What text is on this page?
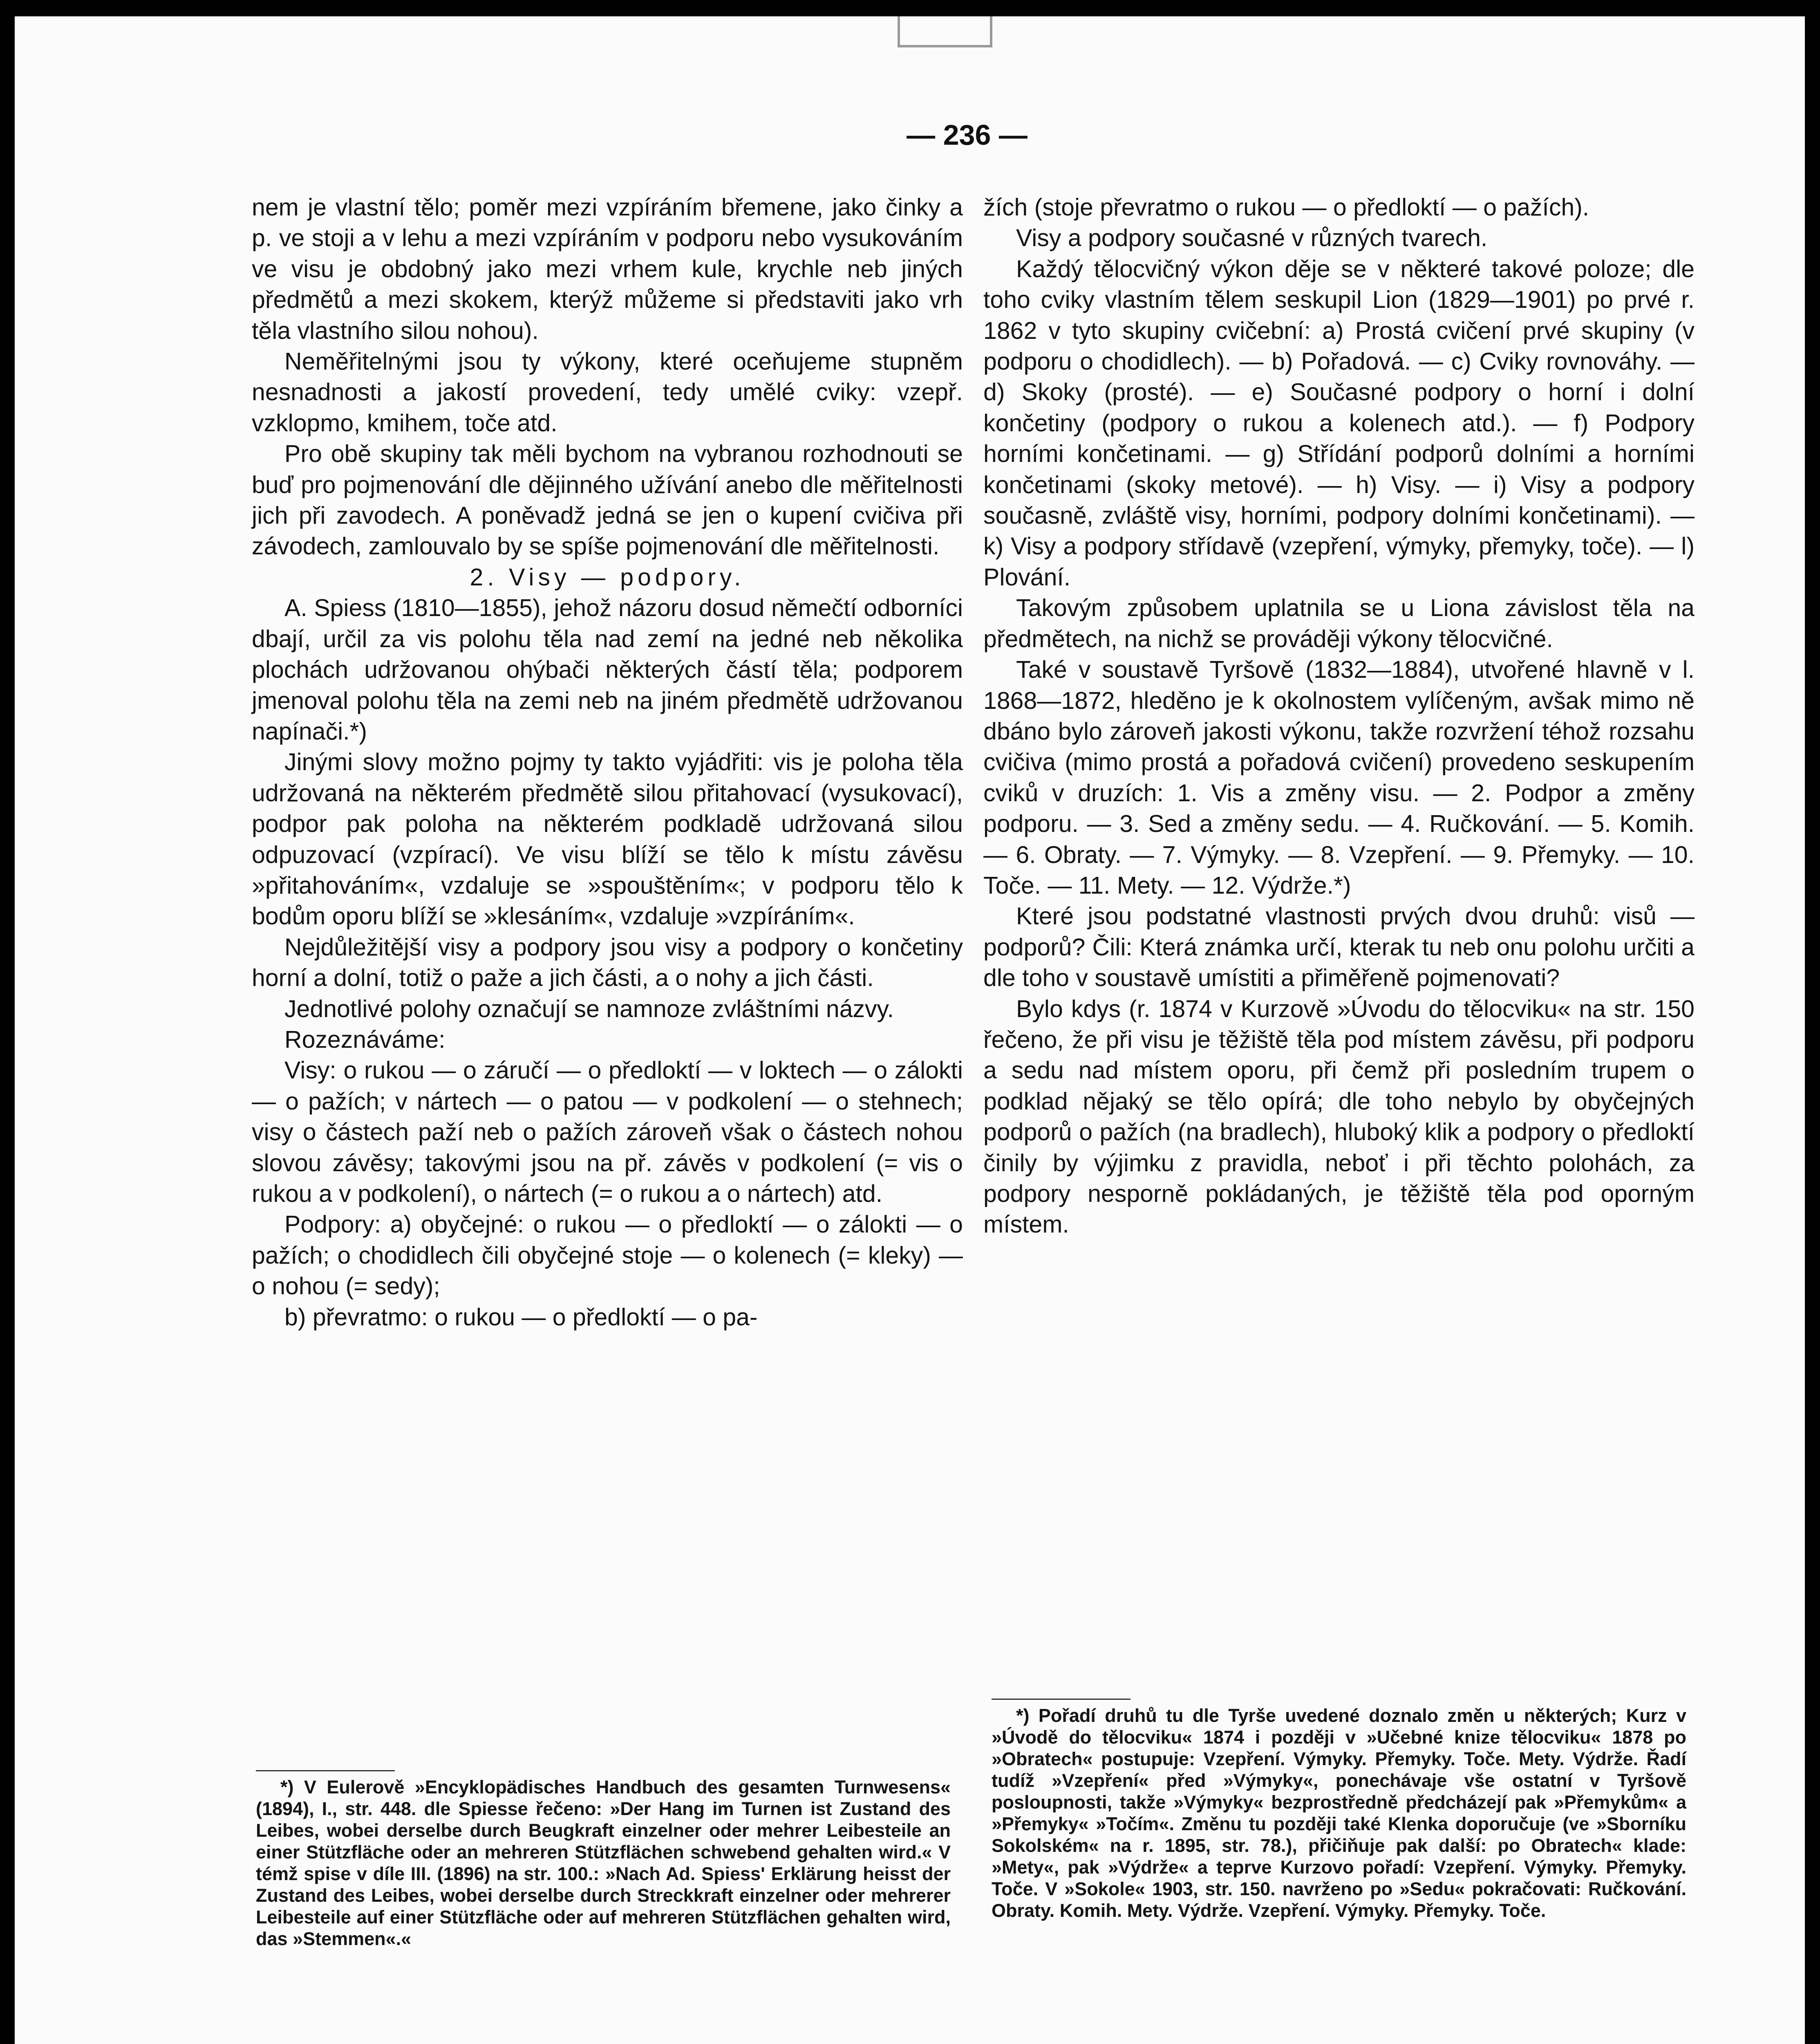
— 236 —

nem je vlastní tělo; poměr mezi vzpíráním břemene, jako činky a p. ve stoji a v lehu a mezi vzpíráním v podporu nebo vysukováním ve visu je obdobný jako mezi vrhem kule, krychle neb jiných předmětů a mezi skokem, kterýž můžeme si představiti jako vrh těla vlastního silou nohou).

Neměřitelnými jsou ty výkony, které oceňujeme stupněm nesnadnosti a jakostí provedení, tedy umělé cviky: vzepř. vzklopmo, kmihem, toče atd.

Pro obě skupiny tak měli bychom na vybranou rozhodnouti se buď pro pojmenování dle dějinného užívání anebo dle měřitelnosti jich při zavodech. A poněvadž jedná se jen o kupení cvičiva při závodech, zamlouvalo by se spíše pojmenování dle měřitelnosti.

2. Visy — podpory.

A. Spiess (1810—1855), jehož názoru dosud němečtí odborníci dbají, určil za vis polohu těla nad zemí na jedné neb několika plochách udržovanou ohýbači některých částí těla; podporem jmenoval polohu těla na zemi neb na jiném předmětě udržovanou napínači.*)

Jinými slovy možno pojmy ty takto vyjádřiti: vis je poloha těla udržovaná na některém předmětě silou přitahovací (vysukovací), podpor pak poloha na některém podkladě udržovaná silou odpuzovací (vzpírací). Ve visu blíží se tělo k místu závěsu »přitahováním«, vzdaluje se »spouštěním«; v podporu tělo k bodům oporu blíží se »klesáním«, vzdaluje »vzpíráním«.

Nejdůležitější visy a podpory jsou visy a podpory o končetiny horní a dolní, totiž o paže a jich části, a o nohy a jich části.

Jednotlivé polohy označují se namnoze zvláštními názvy.

Rozeznáváme:

Visy: o rukou — o záručí — o předloktí — v loktech — o zálokti — o pažích; v nártech — o patou — v podkolení — o stehnech; visy o částech paží neb o pažích zároveň však o částech nohou slovou závěsy; takovými jsou na př. závěs v podkolení (= vis o rukou a v podkolení), o nártech (= o rukou a o nártech) atd.

Podpory: a) obyčejné: o rukou — o předloktí — o zálokti — o pažích; o chodidlech čili obyčejné stoje — o kolenech (= kleky) — o nohou (= sedy);

b) převratmo: o rukou — o předloktí — o pa-

žích (stoje převratmo o rukou — o předloktí — o pažích).

Visy a podpory současné v různých tvarech.

Každý tělocvičný výkon děje se v některé takové poloze; dle toho cviky vlastním tělem seskupil Lion (1829—1901) po prvé r. 1862 v tyto skupiny cvičební: a) Prostá cvičení prvé skupiny (v podporu o chodidlech). — b) Pořadová. — c) Cviky rovnováhy. — d) Skoky (prosté). — e) Současné podpory o horní i dolní končetiny (podpory o rukou a kolenech atd.). — f) Podpory horními končetinami. — g) Střídání podporů dolními a horními končetinami (skoky metové). — h) Visy. — i) Visy a podpory současně, zvláště visy, horními, podpory dolními končetinami). — k) Visy a podpory střídavě (vzepření, výmyky, přemyky, toče). — l) Plování.

Takovým způsobem uplatnila se u Liona závislost těla na předmětech, na nichž se prováději výkony tělocvičné.

Také v soustavě Tyršově (1832—1884), utvořené hlavně v l. 1868—1872, hleděno je k okolnostem vylíčeným, avšak mimo ně dbáno bylo zároveň jakosti výkonu, takže rozvržení téhož rozsahu cvičiva (mimo prostá a pořadová cvičení) provedeno seskupením cviků v druzích: 1. Vis a změny visu. — 2. Podpor a změny podporu. — 3. Sed a změny sedu. — 4. Ručkování. — 5. Komih. — 6. Obraty. — 7. Výmyky. — 8. Vzepření. — 9. Přemyky. — 10. Toče. — 11. Mety. — 12. Výdrže.*)

Které jsou podstatné vlastnosti prvých dvou druhů: visů — podporů? Čili: Která známka určí, kterak tu neb onu polohu určiti a dle toho v soustavě umístiti a přiměřeně pojmenovati?

Bylo kdys (r. 1874 v Kurzově »Úvodu do tělocviku« na str. 150 řečeno, že při visu je těžiště těla pod místem závěsu, při podporu a sedu nad místem oporu, při čemž při posledním trupem o podklad nějaký se tělo opírá; dle toho nebylo by obyčejných podporů o pažích (na bradlech), hluboký klik a podpory o předloktí činily by výjimku z pravidla, neboť i při těchto polohách, za podpory nesporně pokládaných, je těžiště těla pod oporným místem.

*) V Eulerově »Encyklopädisches Handbuch des gesamten Turnwesens« (1894), I., str. 448. dle Spiesse řečeno: »Der Hang im Turnen ist Zustand des Leibes, wobei derselbe durch Beugkraft einzelner oder mehrer Leibesteile an einer Stützfläche oder an mehreren Stützflächen schwebend gehalten wird.« V témž spise v díle III. (1896) na str. 100.: »Nach Ad. Spiess' Erklärung heisst der Zustand des Leibes, wobei derselbe durch Streckkraft einzelner oder mehrerer Leibesteile auf einer Stützfläche oder auf mehreren Stützflächen gehalten wird, das »Stemmen«.«

*) Pořadí druhů tu dle Tyrše uvedené doznalo změn u některých; Kurz v »Úvodě do tělocviku« 1874 i později v »Učebné knize tělocviku« 1878 po »Obratech« postupuje: Vzepření. Výmyky. Přemyky. Toče. Mety. Výdrže. Řadí tudíž »Vzepření« před »Výmyky«, ponechávaje vše ostatní v Tyršově posloupnosti, takže »Výmyky« bezprostředně předcházejí pak »Přemykům« a »Přemyky« »Točím«. Změnu tu později také Klenka doporučuje (ve »Sborníku Sokolském« na r. 1895, str. 78.), přičiňuje pak další: po Obratech« klade: »Mety«, pak »Výdrže« a teprve Kurzovo pořadí: Vzepření. Výmyky. Přemyky. Toče. V »Sokole« 1903, str. 150. navrženo po »Sedu« pokračovati: Ručkování. Obraty. Komih. Mety. Výdrže. Vzepření. Výmyky. Přemyky. Toče.
